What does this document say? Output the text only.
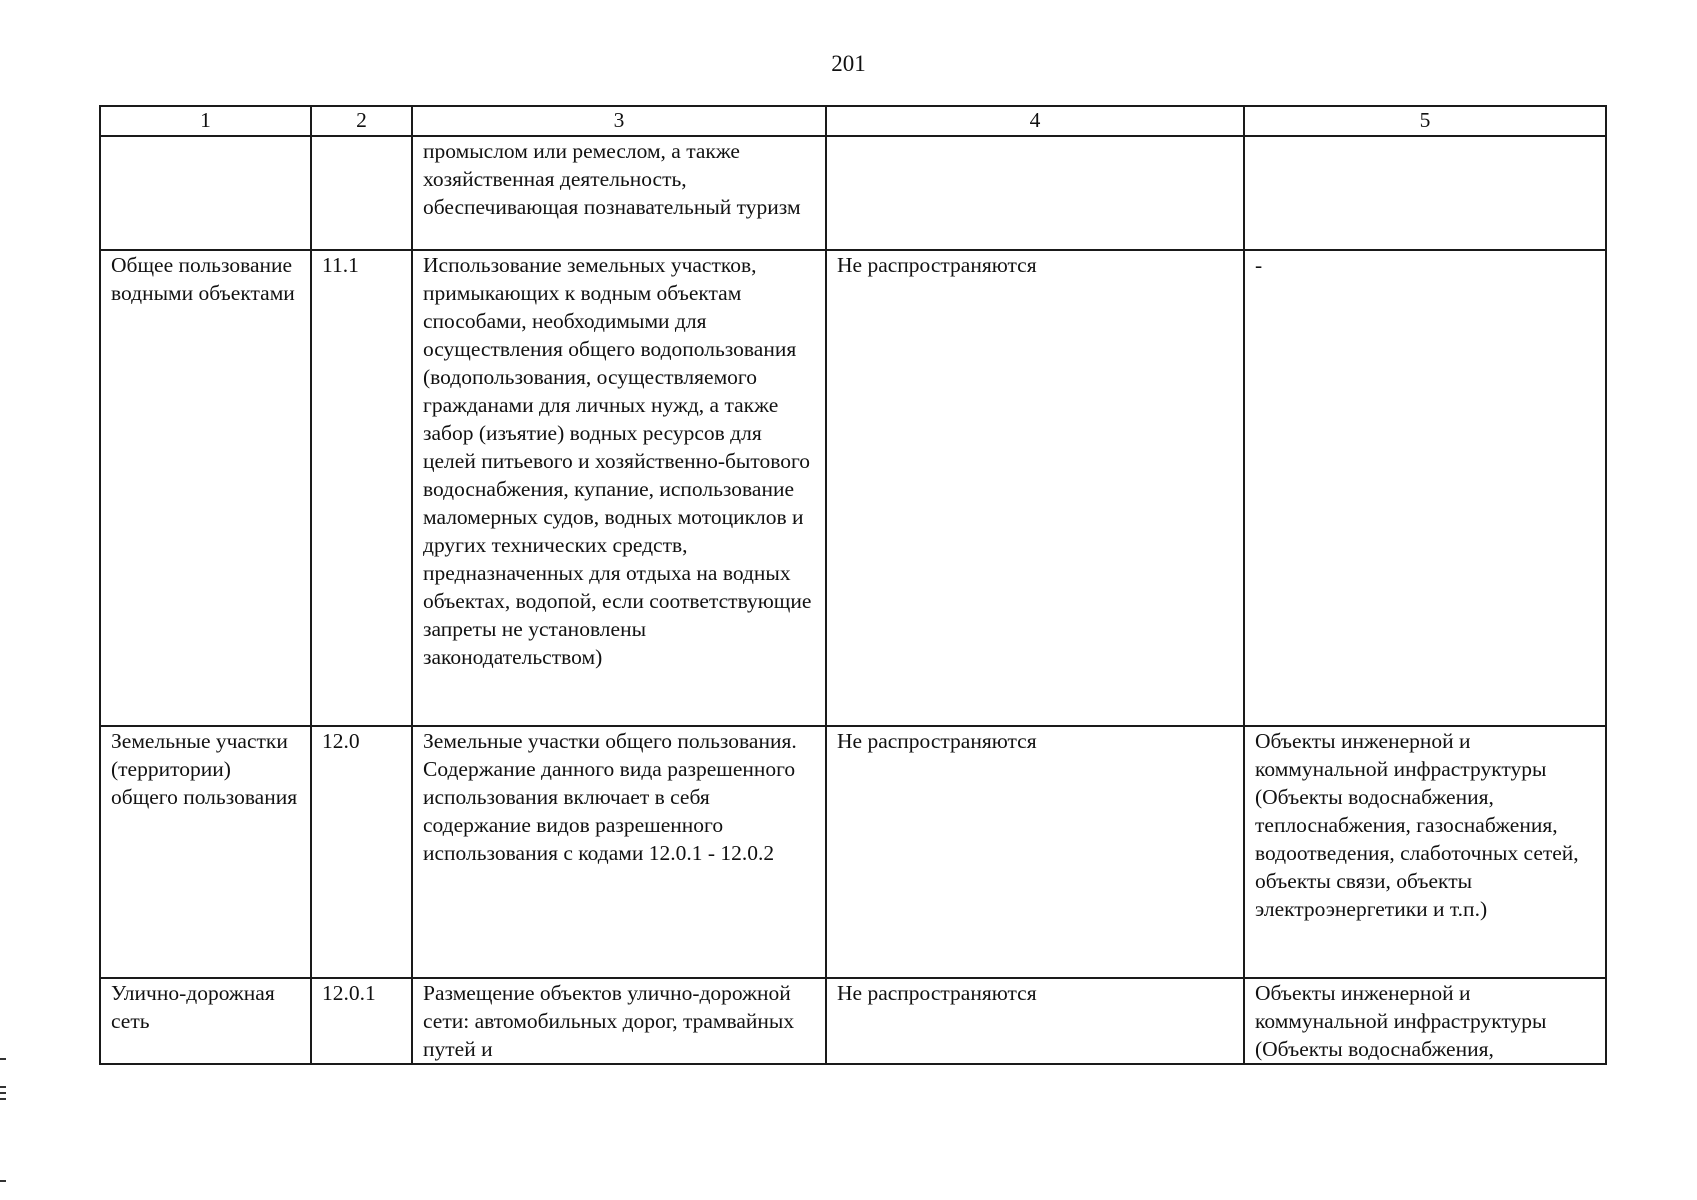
201
1	2	3	4	5
		промыслом или ремеслом, а также хозяйственная деятельность, обеспечивающая познавательный туризм		
Общее пользование водными объектами	11.1	Использование земельных участков, примыкающих к водным объектам способами, необходимыми для осуществления общего водопользования (водопользования, осуществляемого гражданами для личных нужд, а также забор (изъятие) водных ресурсов для целей питьевого и хозяйственно-бытового водоснабжения, купание, использование маломерных судов, водных мотоциклов и других технических средств, предназначенных для отдыха на водных объектах, водопой, если соответствующие запреты не установлены законодательством)	Не распространяются	-
Земельные участки (территории) общего пользования	12.0	Земельные участки общего пользования. Содержание данного вида разрешенного использования включает в себя содержание видов разрешенного использования с кодами 12.0.1 - 12.0.2	Не распространяются	Объекты инженерной и коммунальной инфраструктуры (Объекты водоснабжения, теплоснабжения, газоснабжения, водоотведения, слаботочных сетей, объекты связи, объекты электроэнергетики и т.п.)
Улично-дорожная сеть	12.0.1	Размещение объектов улично-дорожной сети: автомобильных дорог, трамвайных путей и	Не распространяются	Объекты инженерной и коммунальной инфраструктуры (Объекты водоснабжения,
